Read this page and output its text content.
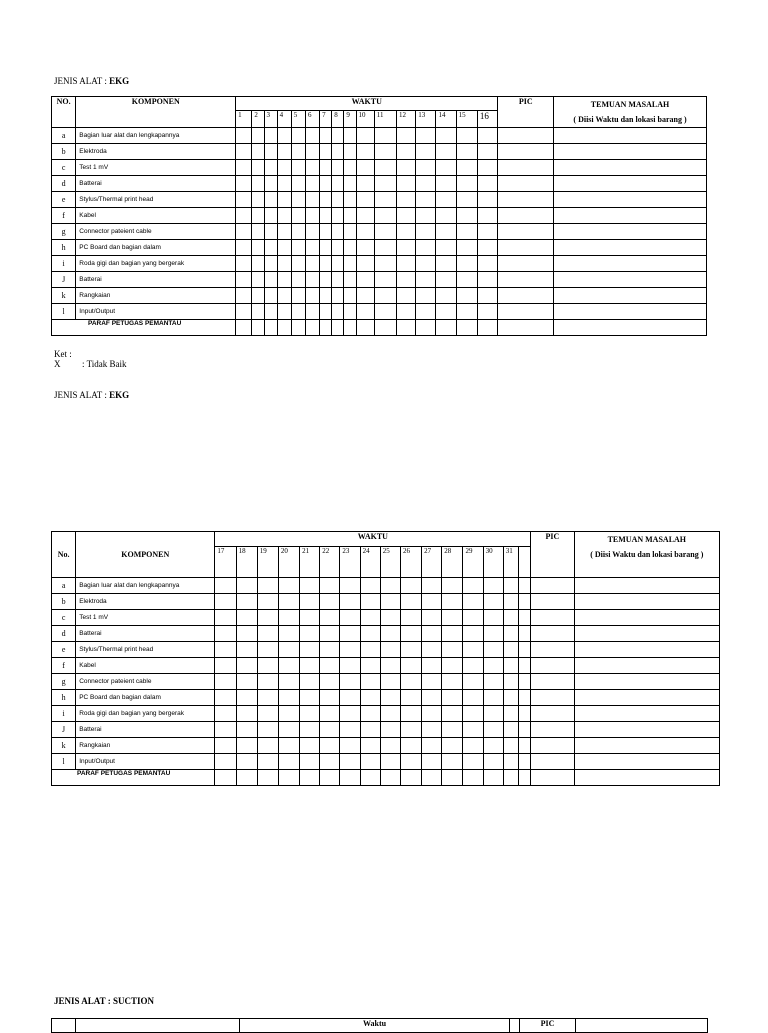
JENIS ALAT : EKG
NO.	KOMPONEN	WAKTU																PIC	TEMUAN MASALAH
( Diisi Waktu dan lokasi barang )

		1	2	3	4	5	6	7	8	9	10	11	12	13	14	15	16		
a	Bagian luar alat dan lengkapannya																		
b	Elektroda																		
c	Test 1 mV																		
d	Batterai																		
e	Stylus/Thermal print head																		
f	Kabel																		
g	Connector pateient cable																		
h	PC Board dan bagian dalam																		
i	Roda gigi dan bagian yang bergerak																		
J	Batterai																		
k	Rangkaian																		
l	Input/Output																		
PARAF PETUGAS PEMANTAU																			
Ket :
X : Tidak Baik
JENIS ALAT : EKG
No.	KOMPONEN	WAKTU																PIC	TEMUAN MASALAH
( Diisi Waktu dan lokasi barang )

		17	18	19	20	21	22	23	24	25	26	27	28	29	30	31			
a	Bagian luar alat dan lengkapannya																		
b	Elektroda																		
c	Test 1 mV																		
d	Batterai																		
e	Stylus/Thermal print head																		
f	Kabel																		
g	Connector pateient cable																		
h	PC Board dan bagian dalam																		
i	Roda gigi dan bagian yang bergerak																		
J	Batterai																		
k	Rangkaian																		
l	Input/Output																		
PARAF PETUGAS PEMANTAU																			
JENIS ALAT : SUCTION
		Waktu		PIC	
